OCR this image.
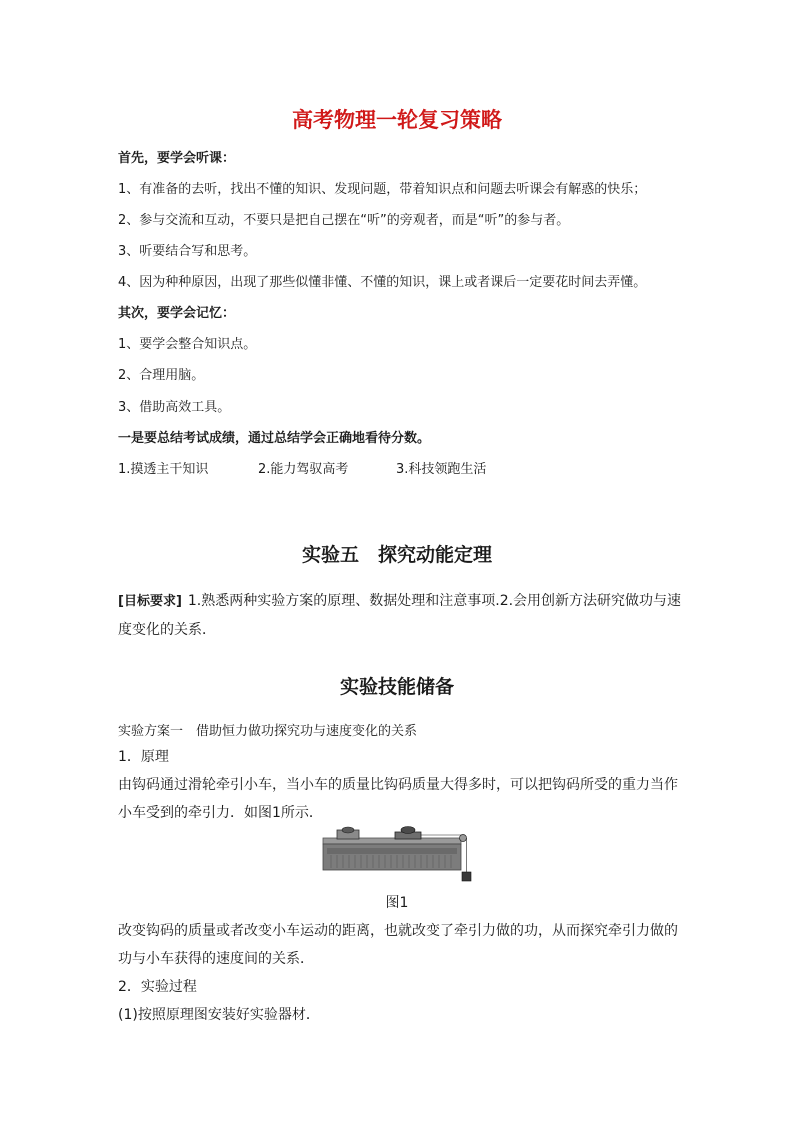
高考物理一轮复习策略
首先，要学会听课：
1、有准备的去听，找出不懂的知识、发现问题，带着知识点和问题去听课会有解惑的快乐；
2、参与交流和互动，不要只是把自己摆在“听”的旁观者，而是“听”的参与者。
3、听要结合写和思考。
4、因为种种原因，出现了那些似懂非懂、不懂的知识，课上或者课后一定要花时间去弄懂。
其次，要学会记忆：
1、要学会整合知识点。
2、合理用脑。
3、借助高效工具。
一是要总结考试成绩，通过总结学会正确地看待分数。
1.摸透主干知识	2.能力驾驭高考	3.科技领跑生活
实验五　探究动能定理
[目标要求] 1.熟悉两种实验方案的原理、数据处理和注意事项.2.会用创新方法研究做功与速
度变化的关系．
实验技能储备
实验方案一　借助恒力做功探究功与速度变化的关系
1．原理
由钩码通过滑轮牵引小车，当小车的质量比钩码质量大得多时，可以把钩码所受的重力当作
小车受到的牵引力．如图1所示．
图1
改变钩码的质量或者改变小车运动的距离，也就改变了牵引力做的功，从而探究牵引力做的
功与小车获得的速度间的关系．
2．实验过程
(1)按照原理图安装好实验器材．
